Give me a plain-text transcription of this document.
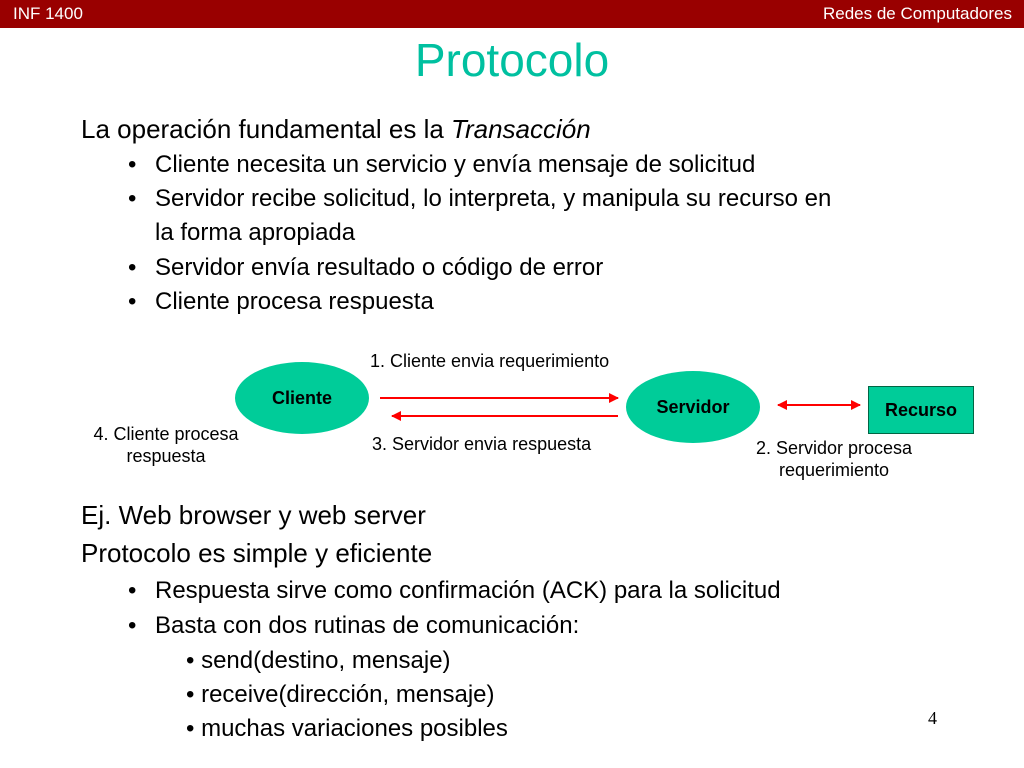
INF 1400	Redes de Computadores
Protocolo
La operación fundamental es la Transacción
• Cliente necesita un servicio y envía mensaje de solicitud
• Servidor recibe solicitud, lo interpreta, y manipula su recurso en
la forma apropiada
• Servidor envía resultado o código de error
• Cliente procesa respuesta
Cliente	Servidor	Recurso
1. Cliente envia requerimiento
3. Servidor envia respuesta
4. Cliente procesa
respuesta	2. Servidor procesa
requerimiento
Ej. Web browser y web server
Protocolo es simple y eficiente
• Respuesta sirve como confirmación (ACK) para la solicitud
• Basta con dos rutinas de comunicación:
• send(destino, mensaje)
• receive(dirección, mensaje)
• muchas variaciones posibles	4
